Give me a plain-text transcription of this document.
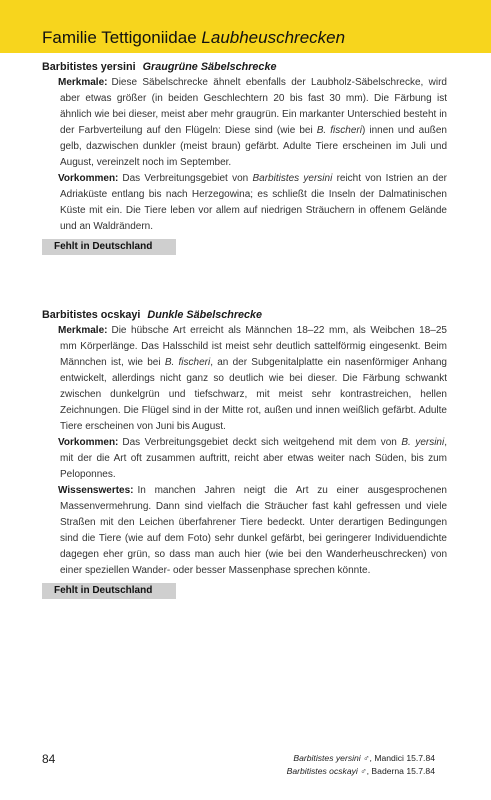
Familie Tettigoniidae Laubheuschrecken
Barbitistes yersini Graugrüne Säbelschrecke
Merkmale: Diese Säbelschrecke ähnelt ebenfalls der Laubholz-Säbelschrecke, wird aber etwas größer (in beiden Geschlechtern 20 bis fast 30 mm). Die Färbung ist ähnlich wie bei dieser, meist aber mehr graugrün. Ein markanter Unterschied besteht in der Farbverteilung auf den Flügeln: Diese sind (wie bei B. fischeri) innen und außen gelb, dazwischen dunkler (meist braun) gefärbt. Adulte Tiere erscheinen im Juli und August, vereinzelt noch im September.
Vorkommen: Das Verbreitungsgebiet von Barbitistes yersini reicht von Istrien an der Adriaküste entlang bis nach Herzegowina; es schließt die Inseln der Dalmatinischen Küste mit ein. Die Tiere leben vor allem auf niedrigen Sträuchern in offenem Gelände und an Waldrändern.
Fehlt in Deutschland
Barbitistes ocskayi Dunkle Säbelschrecke
Merkmale: Die hübsche Art erreicht als Männchen 18–22 mm, als Weibchen 18–25 mm Körperlänge. Das Halsschild ist meist sehr deutlich sattelförmig eingesenkt. Beim Männchen ist, wie bei B. fischeri, an der Subgenitalplatte ein nasenförmiger Anhang entwickelt, allerdings nicht ganz so deutlich wie bei dieser. Die Färbung schwankt zwischen dunkelgrün und tiefschwarz, mit meist sehr kontrastreichen, hellen Zeichnungen. Die Flügel sind in der Mitte rot, außen und innen weißlich gefärbt. Adulte Tiere erscheinen von Juni bis August.
Vorkommen: Das Verbreitungsgebiet deckt sich weitgehend mit dem von B. yersini, mit der die Art oft zusammen auftritt, reicht aber etwas weiter nach Süden, bis zum Peloponnes.
Wissenswertes: In manchen Jahren neigt die Art zu einer ausgesprochenen Massenvermehrung. Dann sind vielfach die Sträucher fast kahl gefressen und viele Straßen mit den Leichen überfahrener Tiere bedeckt. Unter derartigen Bedingungen sind die Tiere (wie auf dem Foto) sehr dunkel gefärbt, bei geringerer Individuendichte dagegen eher grün, so dass man auch hier (wie bei den Wanderheuschrecken) von einer speziellen Wander- oder besser Massenphase sprechen könnte.
Fehlt in Deutschland
84	Barbitistes yersini ♂, Mandici 15.7.84
Barbitistes ocskayi ♂, Baderna 15.7.84
